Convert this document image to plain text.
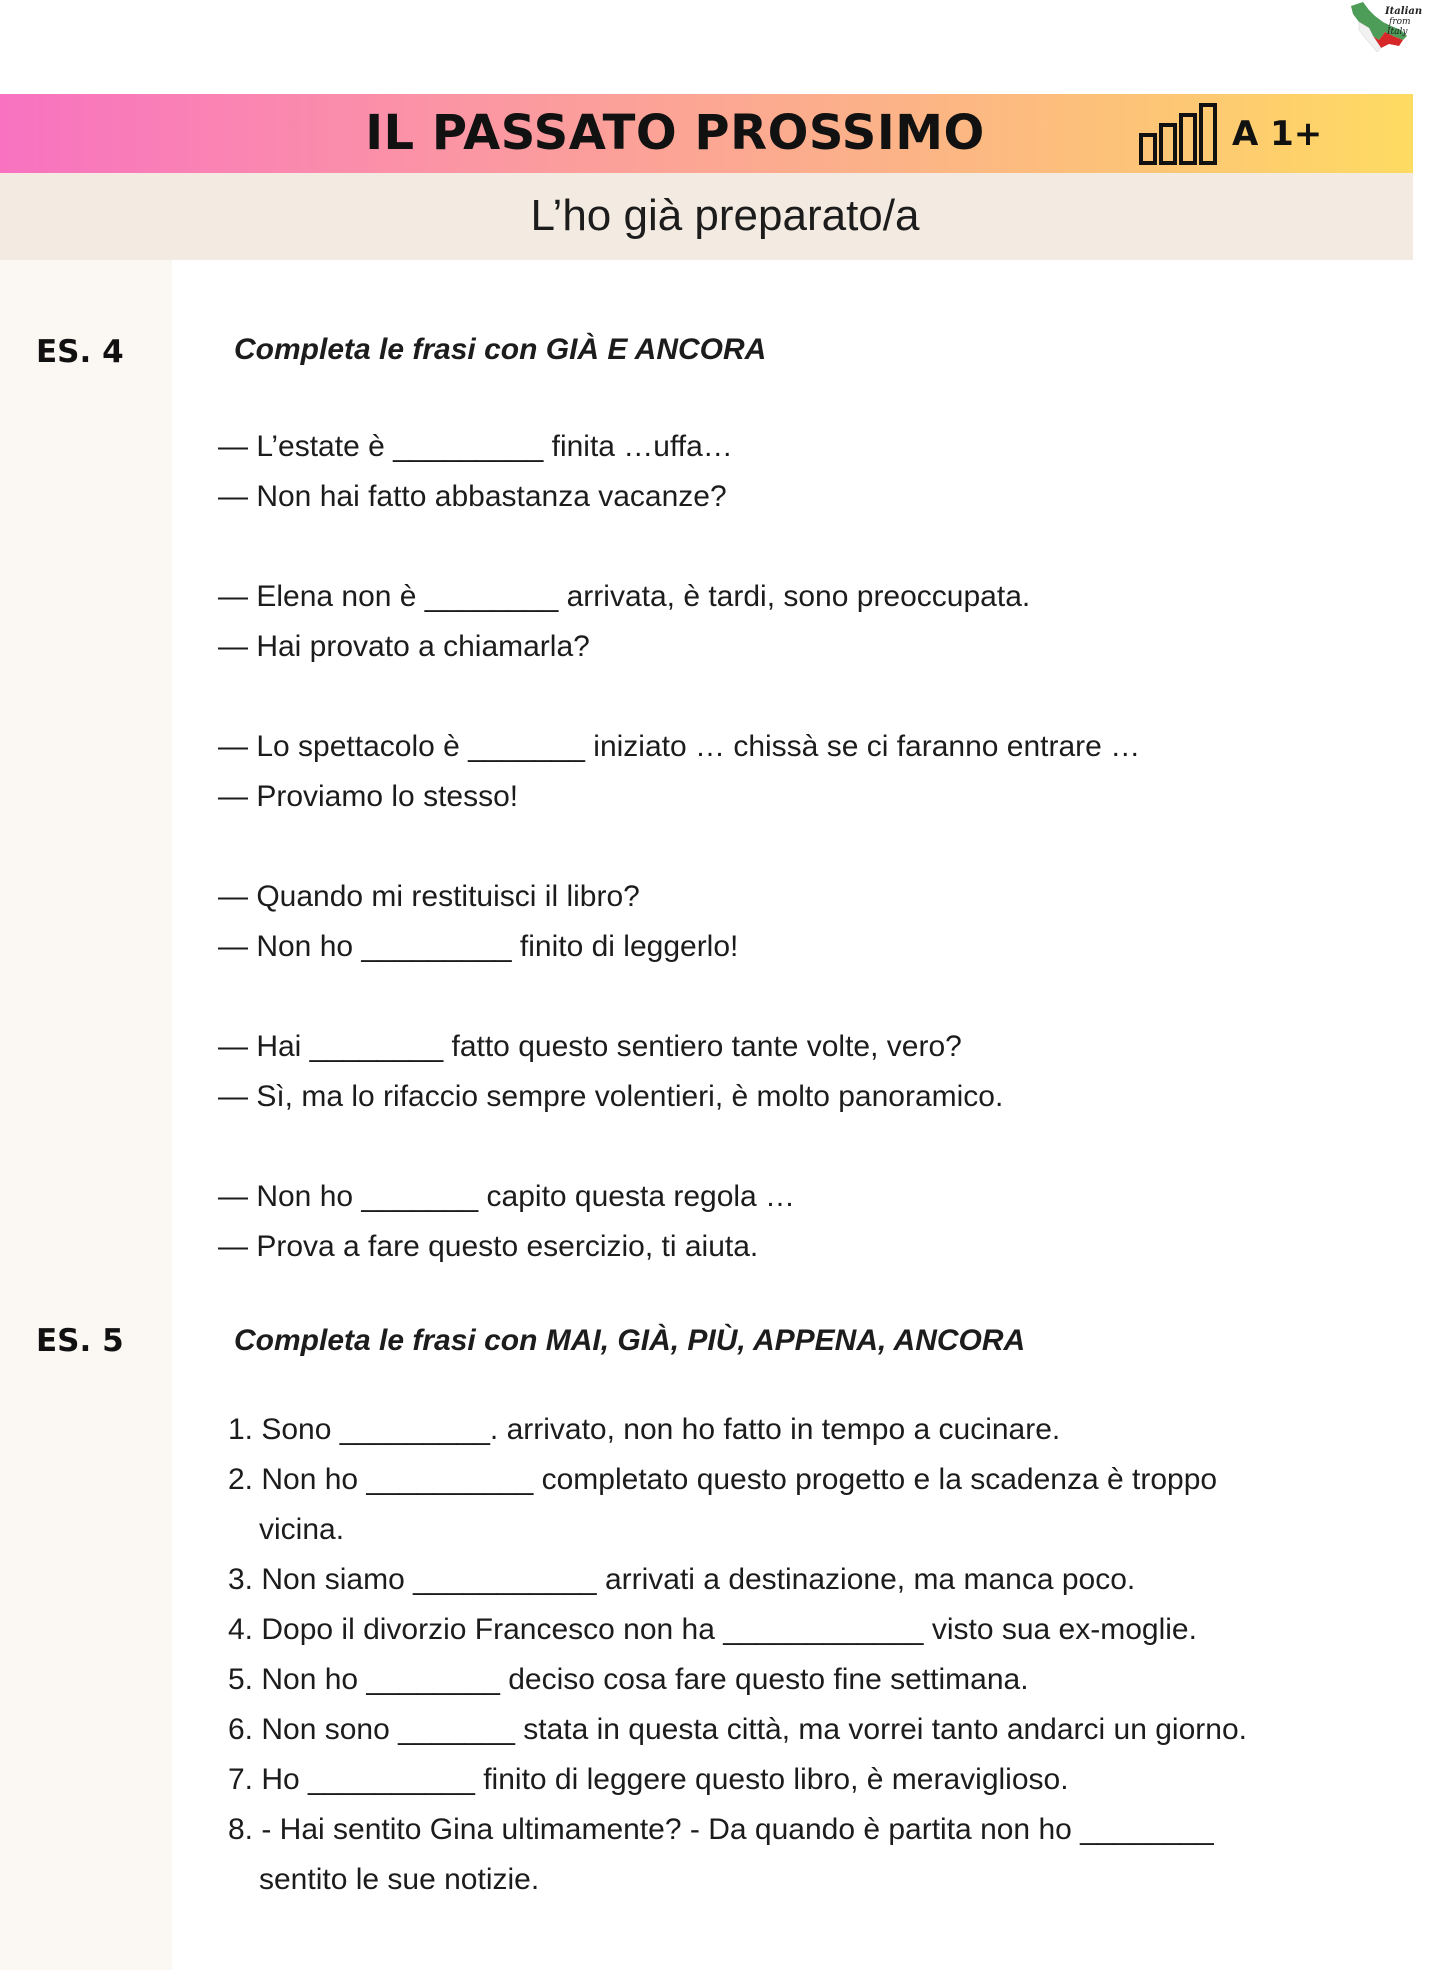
Italian
from
Italy
IL PASSATO PROSSIMO	A 1+
L’ho già preparato/a
ES. 4	Completa le frasi con GIÀ E ANCORA
— L’estate è _________ finita …uffa…
— Non hai fatto abbastanza vacanze?
— Elena non è ________ arrivata, è tardi, sono preoccupata.
— Hai provato a chiamarla?
— Lo spettacolo è _______ iniziato … chissà se ci faranno entrare …
— Proviamo lo stesso!
— Quando mi restituisci il libro?
— Non ho _________ finito di leggerlo!
— Hai ________ fatto questo sentiero tante volte, vero?
— Sì, ma lo rifaccio sempre volentieri, è molto panoramico.
— Non ho _______ capito questa regola …
— Prova a fare questo esercizio, ti aiuta.
ES. 5	Completa le frasi con MAI, GIÀ, PIÙ, APPENA, ANCORA
1. Sono _________. arrivato, non ho fatto in tempo a cucinare.
2. Non ho __________ completato questo progetto e la scadenza è troppo
vicina.
3. Non siamo ___________ arrivati a destinazione, ma manca poco.
4. Dopo il divorzio Francesco non ha ____________ visto sua ex-moglie.
5. Non ho ________ deciso cosa fare questo fine settimana.
6. Non sono _______ stata in questa città, ma vorrei tanto andarci un giorno.
7. Ho __________ finito di leggere questo libro, è meraviglioso.
8. - Hai sentito Gina ultimamente? - Da quando è partita non ho ________
sentito le sue notizie.
